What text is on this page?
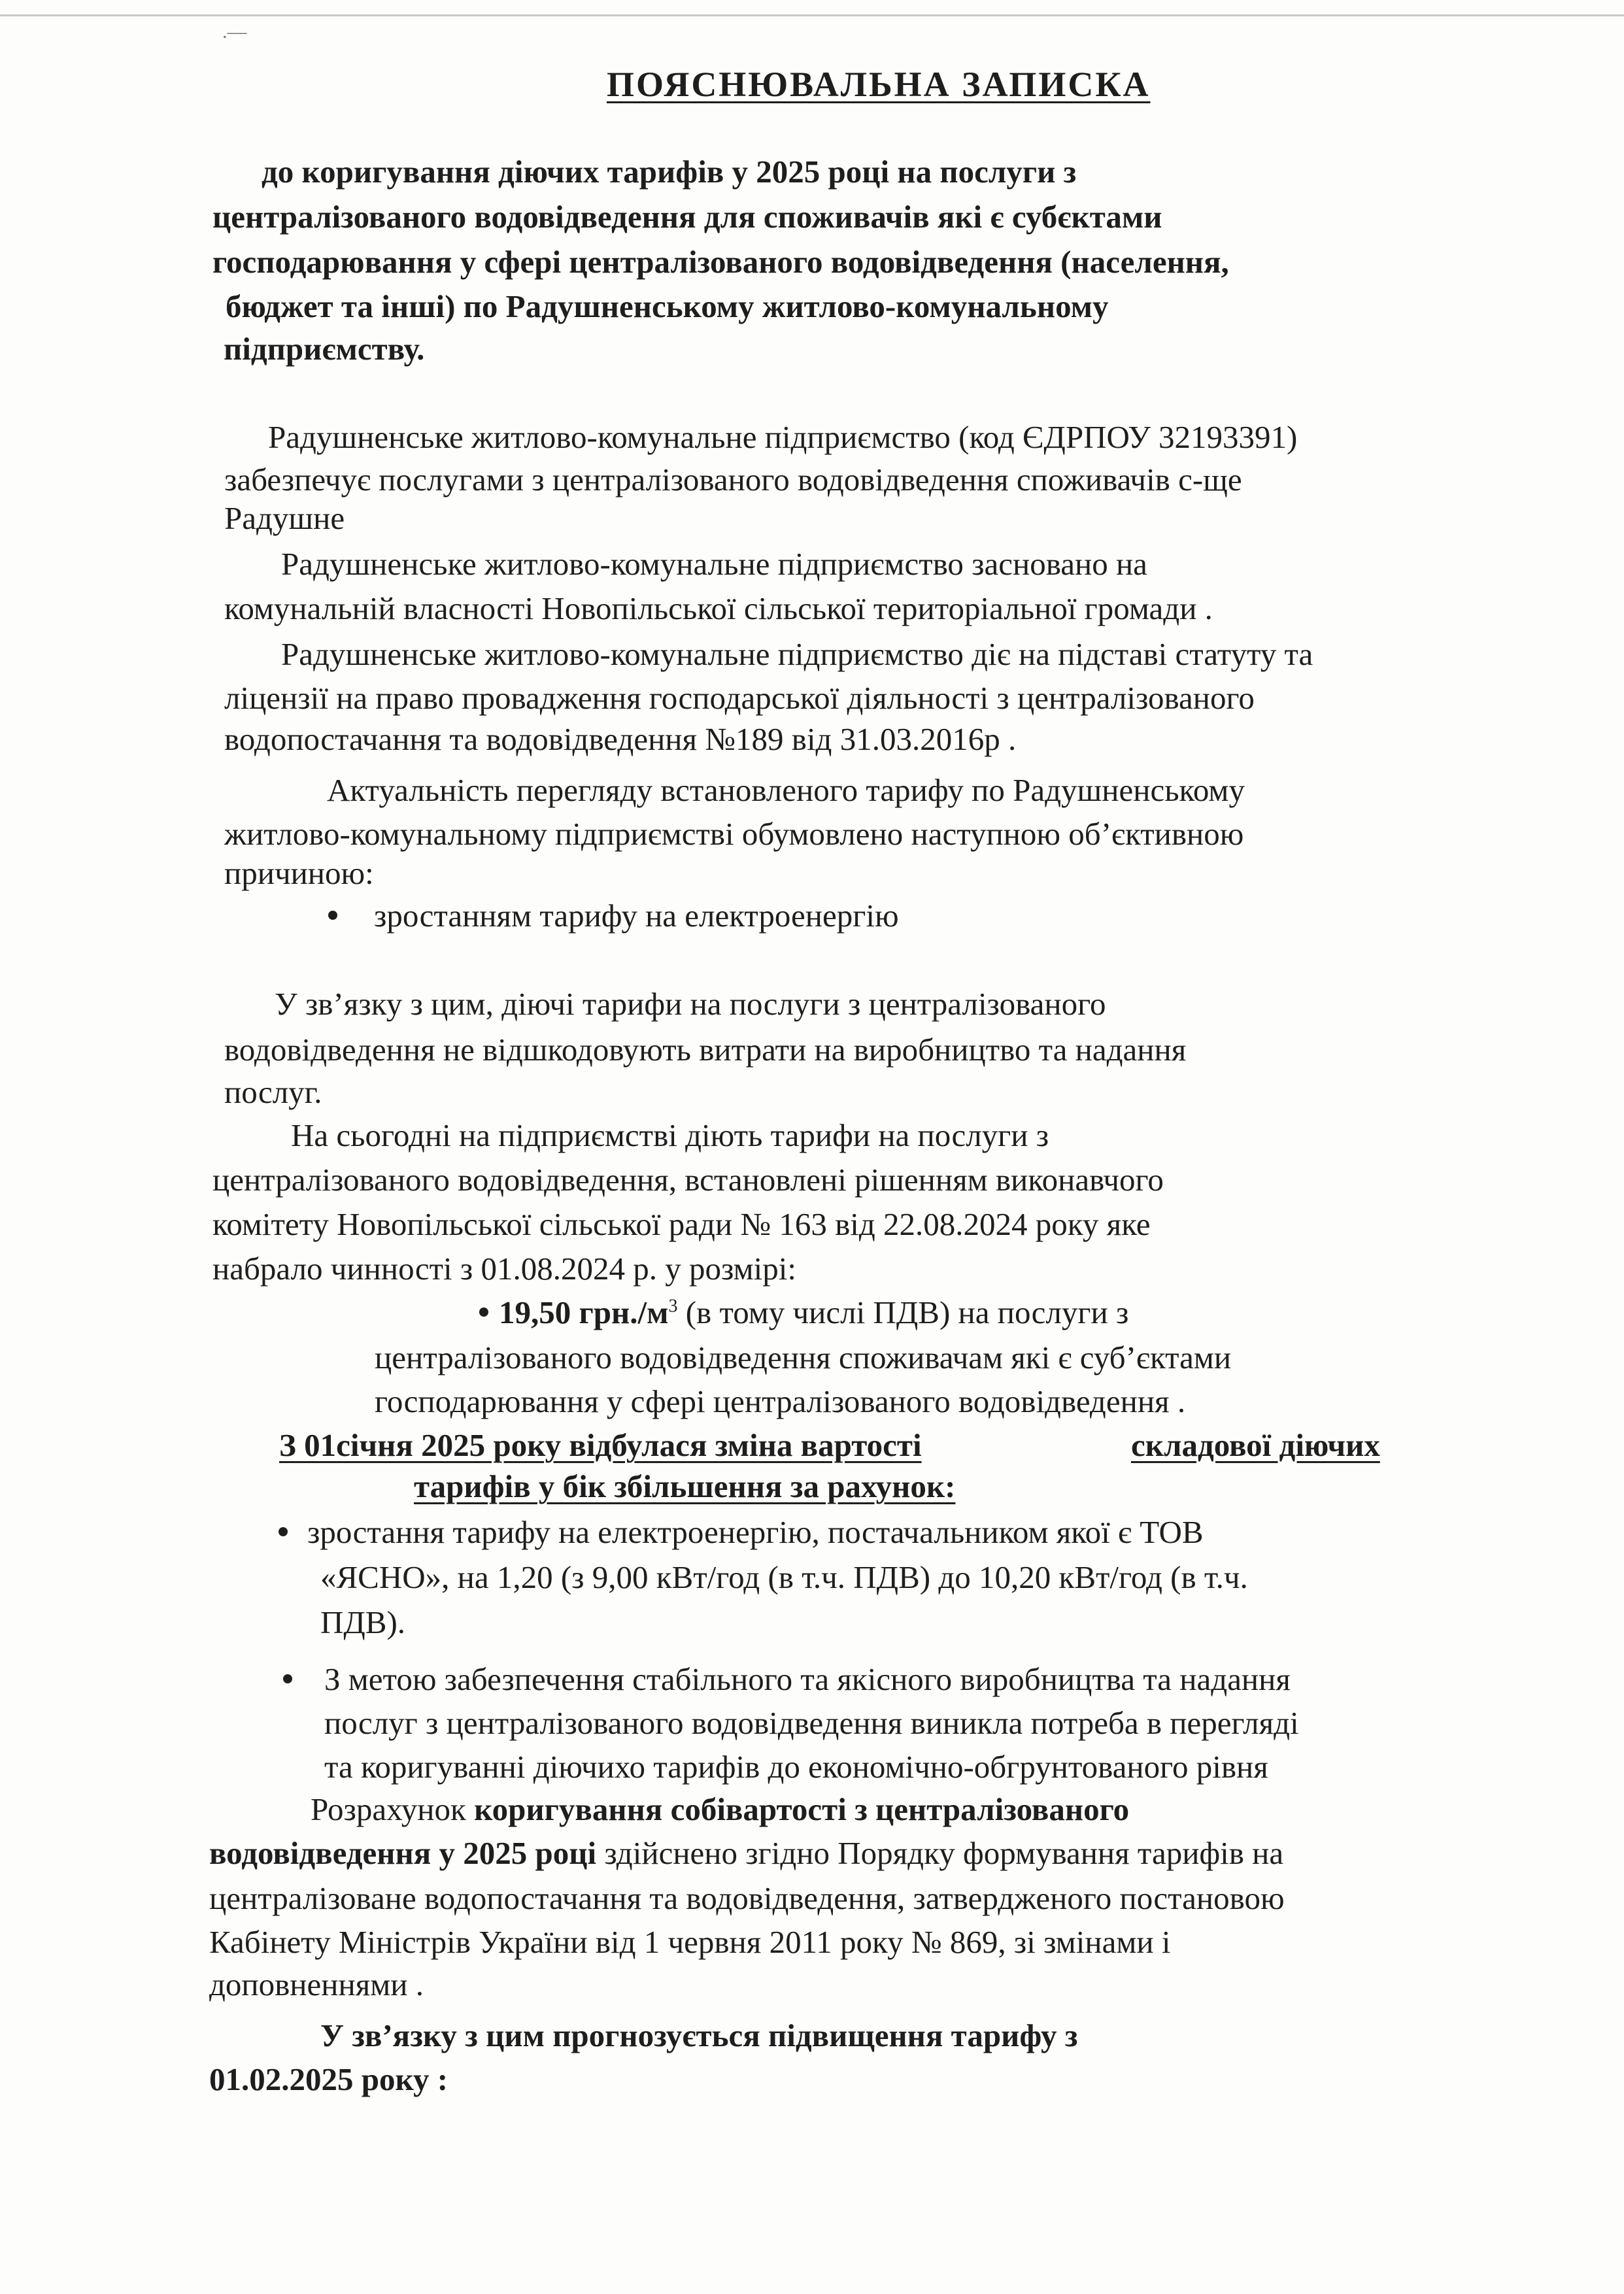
.—
ПОЯСНЮВАЛЬНА ЗАПИСКА
до коригування діючих тарифів у 2025 році на послуги з
централізованого водовідведення для споживачів які є субєктами
господарювання у сфері централізованого водовідведення (населення,
бюджет та інші) по Радушненському житлово-комунальному
підприємству.
Радушненське житлово-комунальне підприємство (код ЄДРПОУ 32193391)
забезпечує послугами з централізованого водовідведення споживачів с-ще
Радушне
Радушненське житлово-комунальне підприємство засновано на
комунальній власності Новопільської сільської територіальної громади .
Радушненське житлово-комунальне підприємство діє на підставі статуту та
ліцензії на право провадження господарської діяльності з централізованого
водопостачання та водовідведення №189 від 31.03.2016р .
Актуальність перегляду встановленого тарифу по Радушненському
житлово-комунальному підприємстві обумовлено наступною об’єктивною
причиною:
зростанням тарифу на електроенергію
У зв’язку з цим, діючі тарифи на послуги з централізованого
водовідведення не відшкодовують витрати на виробництво та надання
послуг.
На сьогодні на підприємстві діють тарифи на послуги з
централізованого водовідведення, встановлені рішенням виконавчого
комітету Новопільської сільської ради № 163 від 22.08.2024 року яке
набрало чинності з 01.08.2024 р. у розмірі:
19,50 $грн./м^3$ (в тому числі ПДВ) на послуги з
централізованого водовідведення споживачам які є суб’єктами
господарювання у сфері централізованого водовідведення .
З 01січня 2025 року відбулася зміна вартості	складової діючих
тарифів у бік збільшення за рахунок:
зростання тарифу на електроенергію, постачальником якої є ТОВ
«ЯСНО», на 1,20 (з 9,00 кВт/год (в т.ч. ПДВ) до 10,20 кВт/год (в т.ч.
ПДВ).
З метою забезпечення стабільного та якісного виробництва та надання
послуг з централізованого водовідведення виникла потреба в перегляді
та коригуванні діючихо тарифів до економічно-обгрунтованого рівня
Розрахунок коригування собівартості з централізованого
водовідведення у 2025 році здійснено згідно Порядку формування тарифів на
централізоване водопостачання та водовідведення, затвердженого постановою
Кабінету Міністрів України від 1 червня 2011 року № 869, зі змінами і
доповненнями .
У зв’язку з цим прогнозується підвищення тарифу з
01.02.2025 року :
